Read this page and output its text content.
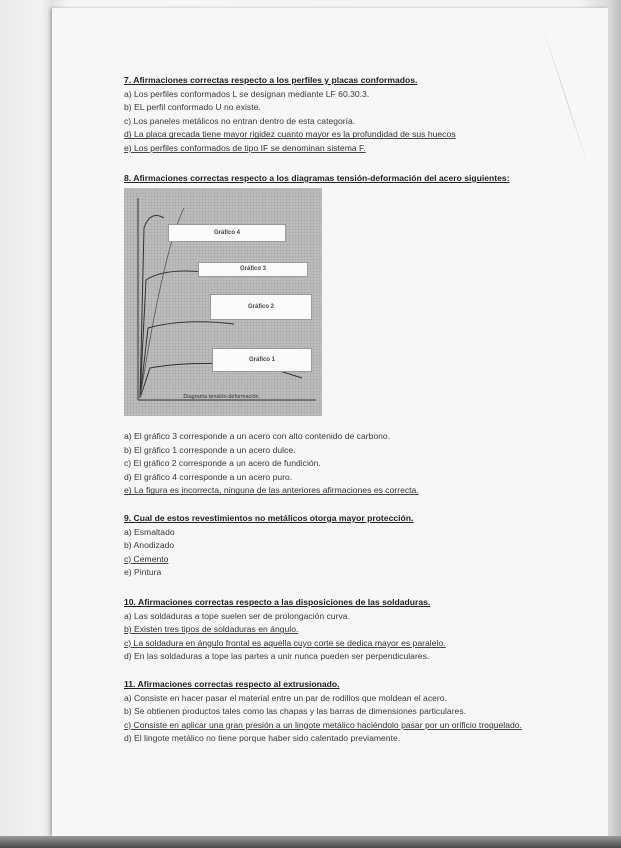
7. Afirmaciones correctas respecto a los perfiles y placas conformados.
a) Los perfiles conformados L se designan mediante LF 60.30.3.
b) EL perfil conformado U no existe.
c) Los paneles metálicos no entran dentro de esta categoría.
d) La placa grecada tiene mayor rigidez cuanto mayor es la profundidad de sus huecos
e) Los perfiles conformados de tipo IF se denominan sistema F.
8. Afirmaciones correctas respecto a los diagramas tensión-deformación del acero siguientes:
Gráfico 4
Gráfico 3
Gráfico 2
Gráfico 1
Diagrama tensión-deformación
a) El gráfico 3 corresponde a un acero con alto contenido de carbono.
b) El gráfico 1 corresponde a un acero dulce.
c) El gráfico 2 corresponde a un acero de fundición.
d) El gráfico 4 corresponde a un acero puro.
e) La figura es incorrecta, ninguna de las anteriores afirmaciones es correcta.
9. Cual de estos revestimientos no metálicos otorga mayor protección.
a) Esmaltado
b) Anodizado
c) Cemento
e) Pintura
10. Afirmaciones correctas respecto a las disposiciones de las soldaduras.
a) Las soldaduras a tope suelen ser de prolongación curva.
b) Existen tres tipos de soldaduras en ángulo.
c) La soldadura en ángulo frontal es aquella cuyo corte se dedica mayor es paralelo.
d) En las soldaduras a tope las partes a unir nunca pueden ser perpendiculares.
11. Afirmaciones correctas respecto al extrusionado.
a) Consiste en hacer pasar el material entre un par de rodillos que moldean el acero.
b) Se obtienen productos tales como las chapas y las barras de dimensiones particulares.
c) Consiste en aplicar una gran presión a un lingote metálico haciéndolo pasar por un orificio troquelado.
d) El lingote metálico no tiene porque haber sido calentado previamente.
